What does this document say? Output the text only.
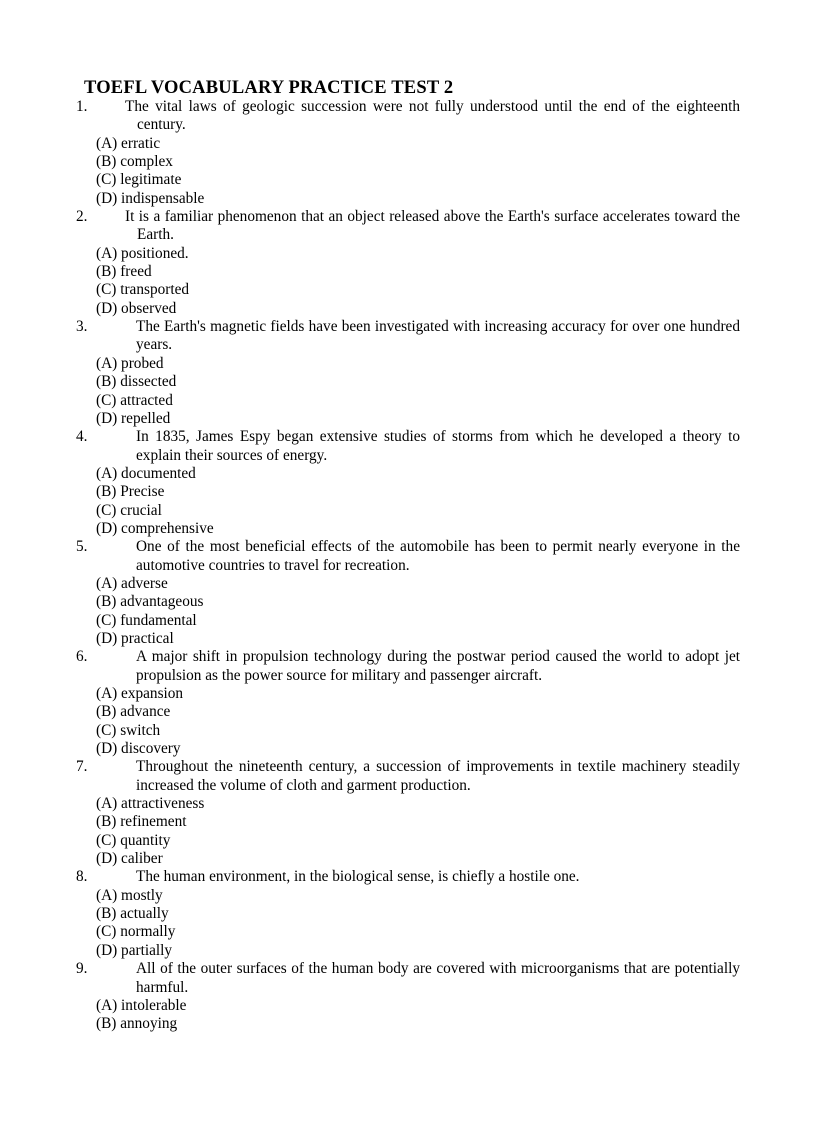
TOEFL VOCABULARY PRACTICE TEST 2
1.	The vital laws of geologic succession were not fully understood until the end of the eighteenth century.
(A) erratic
(B) complex
(C) legitimate
(D) indispensable
2.	It is a familiar phenomenon that an object released above the Earth's surface accelerates toward the Earth.
(A) positioned.
(B) freed
(C) transported
(D) observed
3.	The Earth's magnetic fields have been investigated with increasing accuracy for over one hundred years.
(A) probed
(B) dissected
(C) attracted
(D) repelled
4.	In 1835, James Espy began extensive studies of storms from which he developed a theory to explain their sources of energy.
(A) documented
(B) Precise
(C) crucial
(D) comprehensive
5.	One of the most beneficial effects of the automobile has been to permit nearly everyone in the automotive countries to travel for recreation.
(A) adverse
(B) advantageous
(C) fundamental
(D) practical
6.	A major shift in propulsion technology during the postwar period caused the world to adopt jet propulsion as the power source for military and passenger aircraft.
(A) expansion
(B) advance
(C) switch
(D) discovery
7.	Throughout the nineteenth century, a succession of improvements in textile machinery steadily increased the volume of cloth and garment production.
(A) attractiveness
(B) refinement
(C) quantity
(D) caliber
8.	The human environment, in the biological sense, is chiefly a hostile one.
(A) mostly
(B) actually
(C) normally
(D) partially
9.	All of the outer surfaces of the human body are covered with microorganisms that are potentially harmful.
(A) intolerable
(B) annoying
